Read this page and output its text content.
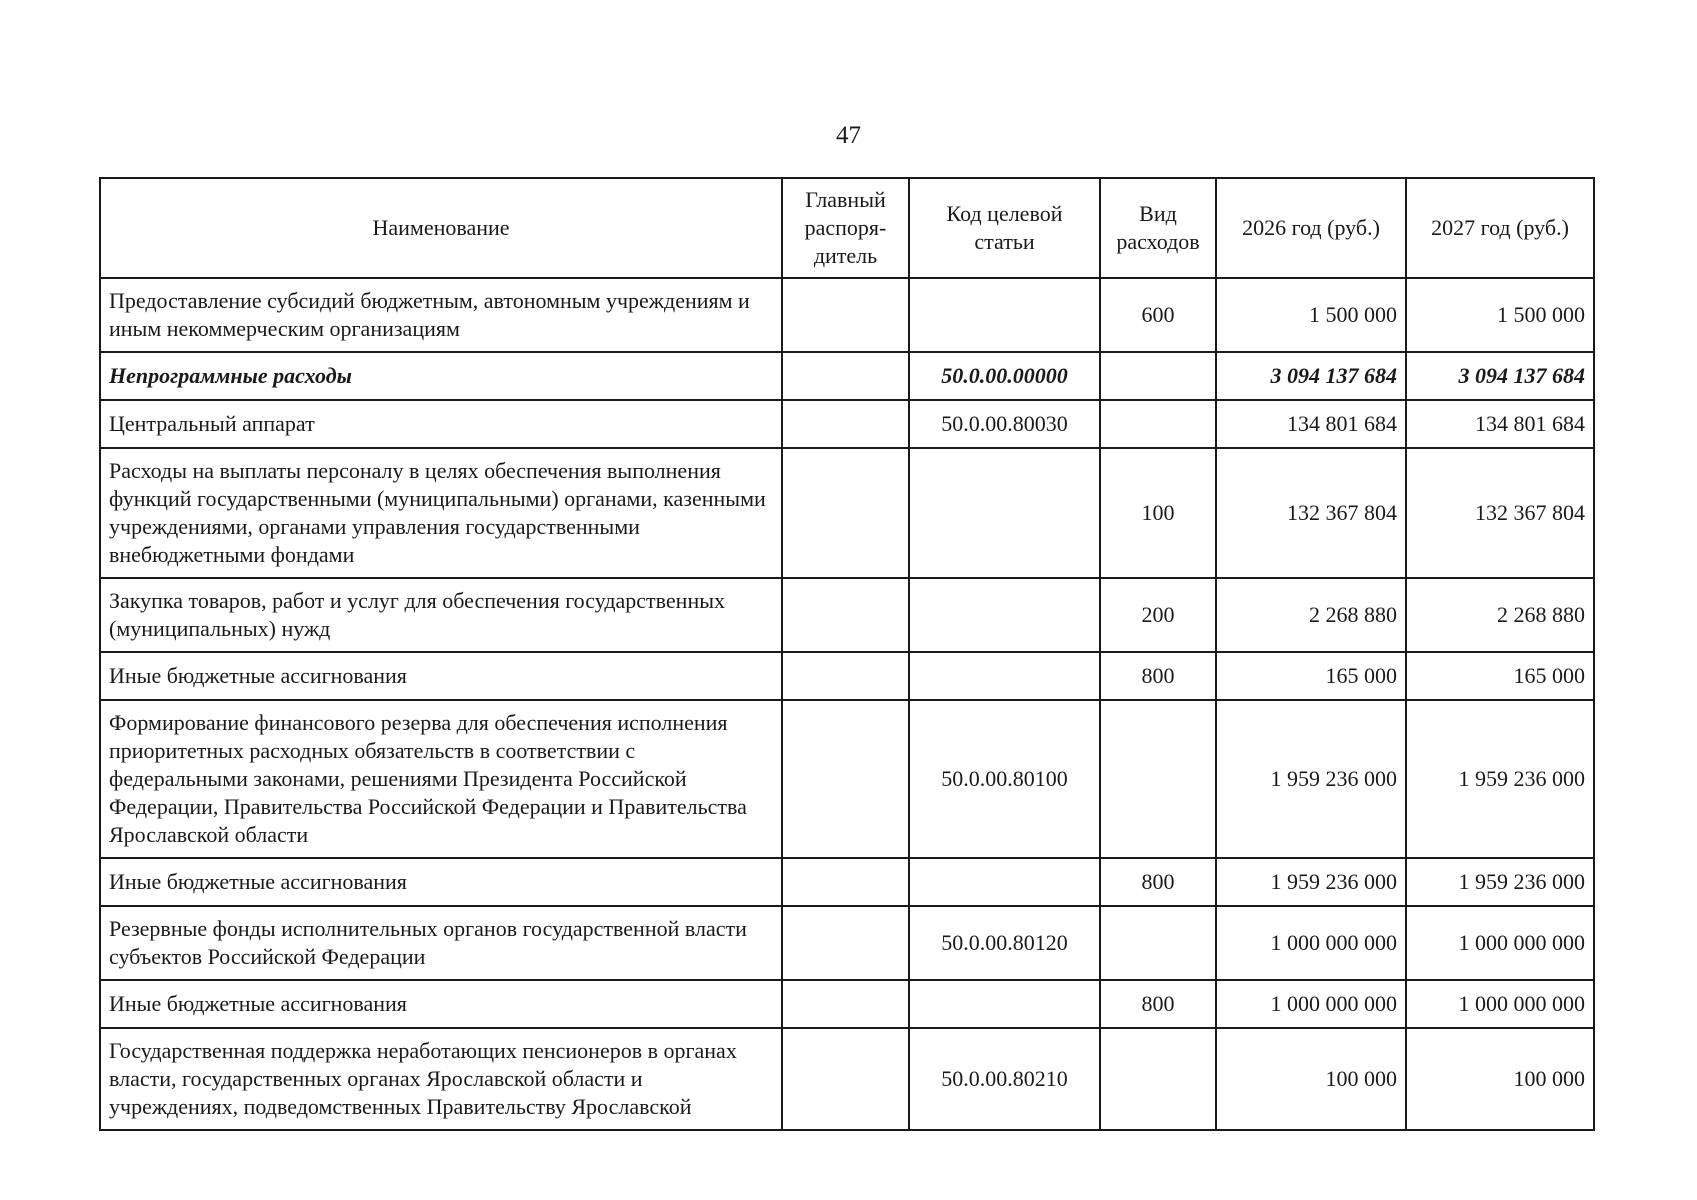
47
Наименование	Главный распоря-дитель	Код целевой статьи	Вид расходов	2026 год (руб.)	2027 год (руб.)
Предоставление субсидий бюджетным, автономным учреждениям и иным некоммерческим организациям			600	1 500 000	1 500 000
Непрограммные расходы		50.0.00.00000		3 094 137 684	3 094 137 684
Центральный аппарат		50.0.00.80030		134 801 684	134 801 684
Расходы на выплаты персоналу в целях обеспечения выполнения функций государственными (муниципальными) органами, казенными учреждениями, органами управления государственными внебюджетными фондами			100	132 367 804	132 367 804
Закупка товаров, работ и услуг для обеспечения государственных (муниципальных) нужд			200	2 268 880	2 268 880
Иные бюджетные ассигнования			800	165 000	165 000
Формирование финансового резерва для обеспечения исполнения приоритетных расходных обязательств в соответствии с федеральными законами, решениями Президента Российской Федерации, Правительства Российской Федерации и Правительства Ярославской области		50.0.00.80100		1 959 236 000	1 959 236 000
Иные бюджетные ассигнования			800	1 959 236 000	1 959 236 000
Резервные фонды исполнительных органов государственной власти субъектов Российской Федерации		50.0.00.80120		1 000 000 000	1 000 000 000
Иные бюджетные ассигнования			800	1 000 000 000	1 000 000 000
Государственная поддержка неработающих пенсионеров в органах власти, государственных органах Ярославской области и учреждениях, подведомственных Правительству Ярославской		50.0.00.80210		100 000	100 000
